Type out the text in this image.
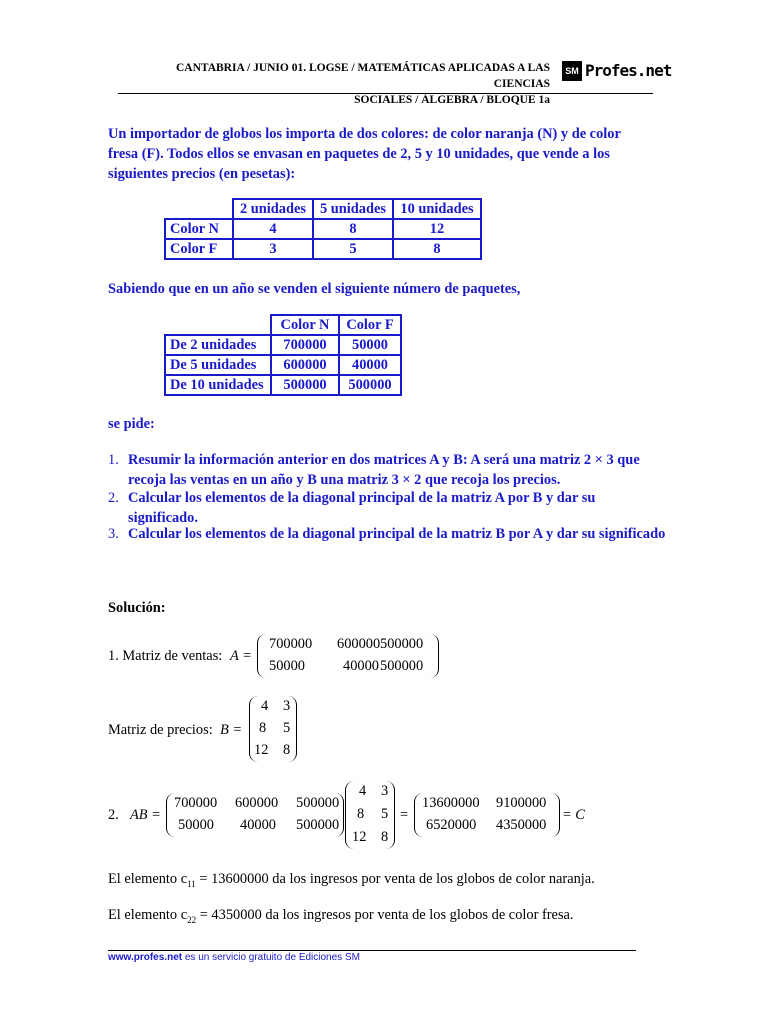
CANTABRIA / JUNIO 01. LOGSE / MATEMÁTICAS APLICADAS A LAS CIENCIAS
SOCIALES / ÁLGEBRA / BLOQUE 1a
SM Profes.net
Un importador de globos los importa de dos colores: de color naranja (N) y de color fresa (F). Todos ellos se envasan en paquetes de 2, 5 y 10 unidades, que vende a los siguientes precios (en pesetas):
	2 unidades	5 unidades	10 unidades
Color N	4	8	12
Color F	3	5	8
Sabiendo que en un año se venden el siguiente número de paquetes,
	Color N	Color F
De 2 unidades	700000	50000
De 5 unidades	600000	40000
De 10 unidades	500000	500000
se pide:
1. Resumir la información anterior en dos matrices A y B: A será una matriz 2 × 3 que recoja las ventas en un año y B una matriz 3 × 2 que recoja los precios.
2. Calcular los elementos de la diagonal principal de la matriz A por B y dar su significado.
3. Calcular los elementos de la diagonal principal de la matriz B por A y dar su significado
Solución:
1. Matriz de ventas: A =
700000 600000 500000
50000	40000 500000
Matriz de precios: B =
4 3
8 5
12 8
2. AB =
700000 600000 500000
50000 40000 500000
4 3
8 5
12 8
=
13600000 9100000
6520000 4350000
= C
El elemento $c_{11} = 13600000$ da los ingresos por venta de los globos de color naranja.
El elemento $c_{22} = 4350000$ da los ingresos por venta de los globos de color fresa.
www.profes.net es un servicio gratuito de Ediciones SM
